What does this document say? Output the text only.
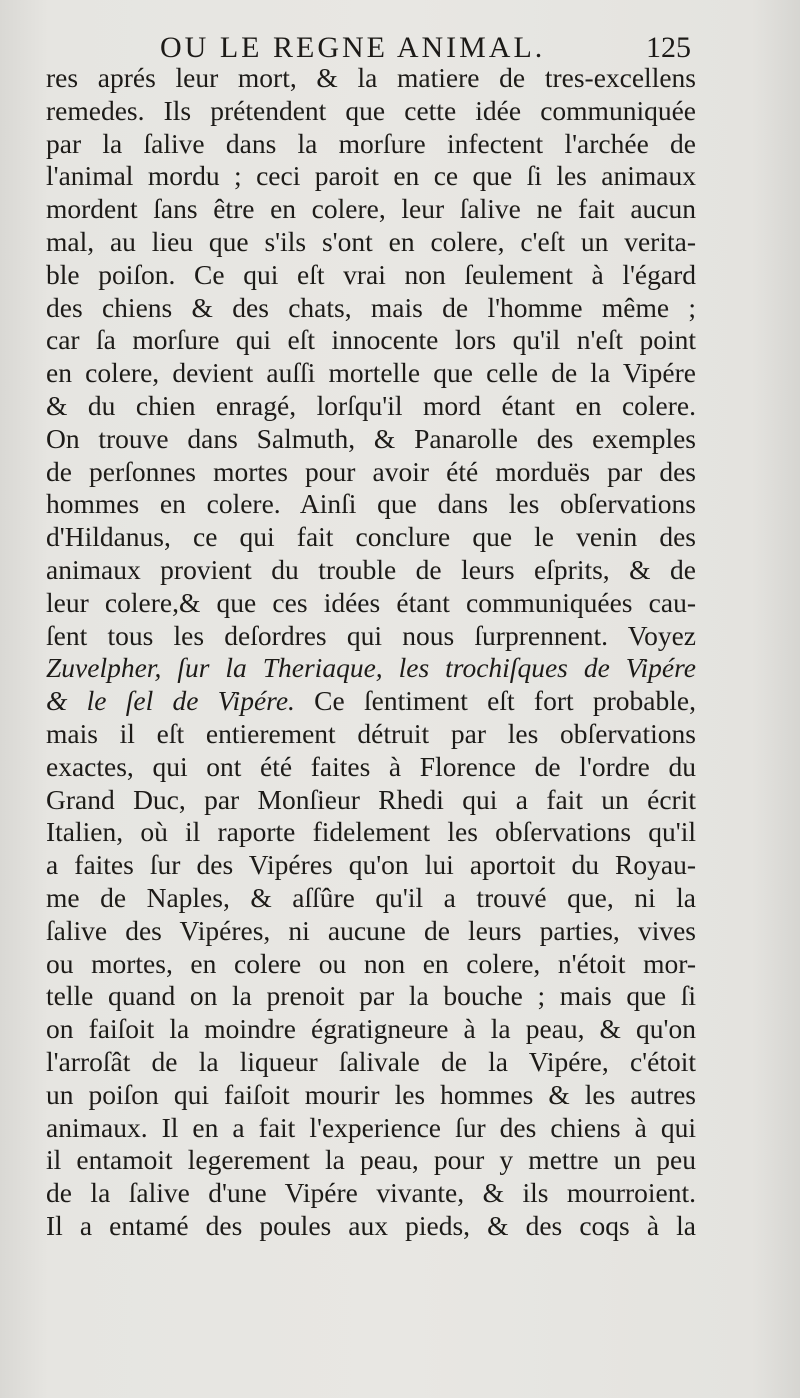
OU LE REGNE ANIMAL.	125
res aprés leur mort, & la matiere de tres-excellens
remedes. Ils prétendent que cette idée communiquée
par la ſalive dans la morſure infectent l'archée de
l'animal mordu ; ceci paroit en ce que ſi les animaux
mordent ſans être en colere, leur ſalive ne fait aucun
mal, au lieu que s'ils s'ont en colere, c'eſt un verita-
ble poiſon. Ce qui eſt vrai non ſeulement à l'égard
des chiens & des chats, mais de l'homme même ;
car ſa morſure qui eſt innocente lors qu'il n'eſt point
en colere, devient auſſi mortelle que celle de la Vipére
& du chien enragé, lorſqu'il mord étant en colere.
On trouve dans Salmuth, & Panarolle des exemples
de perſonnes mortes pour avoir été morduës par des
hommes en colere. Ainſi que dans les obſervations
d'Hildanus, ce qui fait conclure que le venin des
animaux provient du trouble de leurs eſprits, & de
leur colere,& que ces idées étant communiquées cau-
ſent tous les deſordres qui nous ſurprennent. Voyez
Zuvelpher, ſur la Theriaque, les trochiſques de Vipére
& le ſel de Vipére. Ce ſentiment eſt fort probable,
mais il eſt entierement détruit par les obſervations
exactes, qui ont été faites à Florence de l'ordre du
Grand Duc, par Monſieur Rhedi qui a fait un écrit
Italien, où il raporte fidelement les obſervations qu'il
a faites ſur des Vipéres qu'on lui aportoit du Royau-
me de Naples, & aſſûre qu'il a trouvé que, ni la
ſalive des Vipéres, ni aucune de leurs parties, vives
ou mortes, en colere ou non en colere, n'étoit mor-
telle quand on la prenoit par la bouche ; mais que ſi
on faiſoit la moindre égratigneure à la peau, & qu'on
l'arroſât de la liqueur ſalivale de la Vipére, c'étoit
un poiſon qui faiſoit mourir les hommes & les autres
animaux. Il en a fait l'experience ſur des chiens à qui
il entamoit legerement la peau, pour y mettre un peu
de la ſalive d'une Vipére vivante, & ils mourroient.
Il a entamé des poules aux pieds, & des coqs à la
